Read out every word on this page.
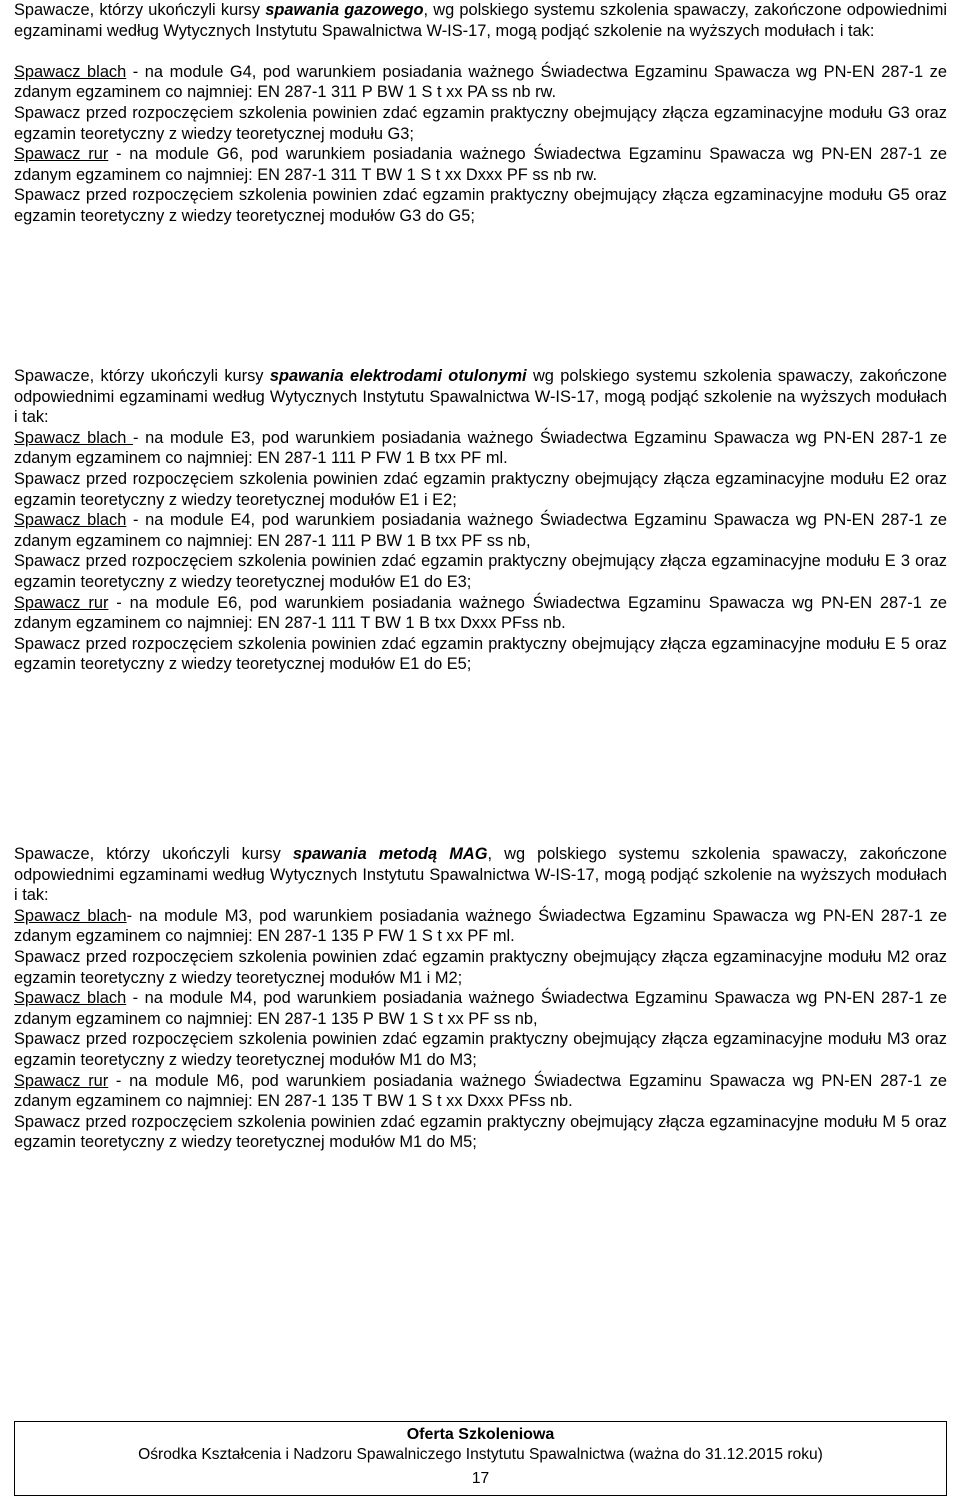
Spawacze, którzy ukończyli kursy spawania gazowego, wg polskiego systemu szkolenia spawaczy, zakończone odpowiednimi egzaminami według Wytycznych Instytutu Spawalnictwa W-IS-17, mogą podjąć szkolenie na wyższych modułach i tak:

Spawacz blach - na module G4, pod warunkiem posiadania ważnego Świadectwa Egzaminu Spawacza wg PN-EN 287-1 ze zdanym egzaminem co najmniej: EN 287-1 311 P BW 1 S t xx PA ss nb rw.

Spawacz przed rozpoczęciem szkolenia powinien zdać egzamin praktyczny obejmujący złącza egzaminacyjne modułu G3 oraz egzamin teoretyczny z wiedzy teoretycznej modułu G3;

Spawacz rur - na module G6, pod warunkiem posiadania ważnego Świadectwa Egzaminu Spawacza wg PN-EN 287-1 ze zdanym egzaminem co najmniej: EN 287-1 311 T BW 1 S t xx Dxxx PF ss nb rw.

Spawacz przed rozpoczęciem szkolenia powinien zdać egzamin praktyczny obejmujący złącza egzaminacyjne modułu G5 oraz egzamin teoretyczny z wiedzy teoretycznej modułów G3 do G5;

Spawacze, którzy ukończyli kursy spawania elektrodami otulonymi wg polskiego systemu szkolenia spawaczy, zakończone odpowiednimi egzaminami według Wytycznych Instytutu Spawalnictwa W-IS-17, mogą podjąć szkolenie na wyższych modułach i tak:

Spawacz blach - na module E3, pod warunkiem posiadania ważnego Świadectwa Egzaminu Spawacza wg PN-EN 287-1 ze zdanym egzaminem co najmniej: EN 287-1 111 P FW 1 B txx PF ml.

Spawacz przed rozpoczęciem szkolenia powinien zdać egzamin praktyczny obejmujący złącza egzaminacyjne modułu E2 oraz egzamin teoretyczny z wiedzy teoretycznej modułów E1 i E2;

Spawacz blach - na module E4, pod warunkiem posiadania ważnego Świadectwa Egzaminu Spawacza wg PN-EN 287-1 ze zdanym egzaminem co najmniej: EN 287-1 111 P BW 1 B txx PF ss nb,

Spawacz przed rozpoczęciem szkolenia powinien zdać egzamin praktyczny obejmujący złącza egzaminacyjne modułu E 3 oraz egzamin teoretyczny z wiedzy teoretycznej modułów E1 do E3;

Spawacz rur - na module E6, pod warunkiem posiadania ważnego Świadectwa Egzaminu Spawacza wg PN-EN 287-1 ze zdanym egzaminem co najmniej: EN 287-1 111 T BW 1 B txx Dxxx PFss nb.

Spawacz przed rozpoczęciem szkolenia powinien zdać egzamin praktyczny obejmujący złącza egzaminacyjne modułu E 5 oraz egzamin teoretyczny z wiedzy teoretycznej modułów E1 do E5;

Spawacze, którzy ukończyli kursy spawania metodą MAG, wg polskiego systemu szkolenia spawaczy, zakończone odpowiednimi egzaminami według Wytycznych Instytutu Spawalnictwa W-IS-17, mogą podjąć szkolenie na wyższych modułach i tak:

Spawacz blach- na module M3, pod warunkiem posiadania ważnego Świadectwa Egzaminu Spawacza wg PN-EN 287-1 ze zdanym egzaminem co najmniej: EN 287-1 135 P FW 1 S t xx PF ml.

Spawacz przed rozpoczęciem szkolenia powinien zdać egzamin praktyczny obejmujący złącza egzaminacyjne modułu M2 oraz egzamin teoretyczny z wiedzy teoretycznej modułów M1 i M2;

Spawacz blach - na module M4, pod warunkiem posiadania ważnego Świadectwa Egzaminu Spawacza wg PN-EN 287-1 ze zdanym egzaminem co najmniej: EN 287-1 135 P BW 1 S t xx PF ss nb,

Spawacz przed rozpoczęciem szkolenia powinien zdać egzamin praktyczny obejmujący złącza egzaminacyjne modułu M3 oraz egzamin teoretyczny z wiedzy teoretycznej modułów M1 do M3;

Spawacz rur - na module M6, pod warunkiem posiadania ważnego Świadectwa Egzaminu Spawacza wg PN-EN 287-1 ze zdanym egzaminem co najmniej: EN 287-1 135 T BW 1 S t xx Dxxx PFss nb.

Spawacz przed rozpoczęciem szkolenia powinien zdać egzamin praktyczny obejmujący złącza egzaminacyjne modułu M 5 oraz egzamin teoretyczny z wiedzy teoretycznej modułów M1 do M5;

Oferta Szkoleniowa
Ośrodka Kształcenia i Nadzoru Spawalniczego Instytutu Spawalnictwa (ważna do 31.12.2015 roku)
17
